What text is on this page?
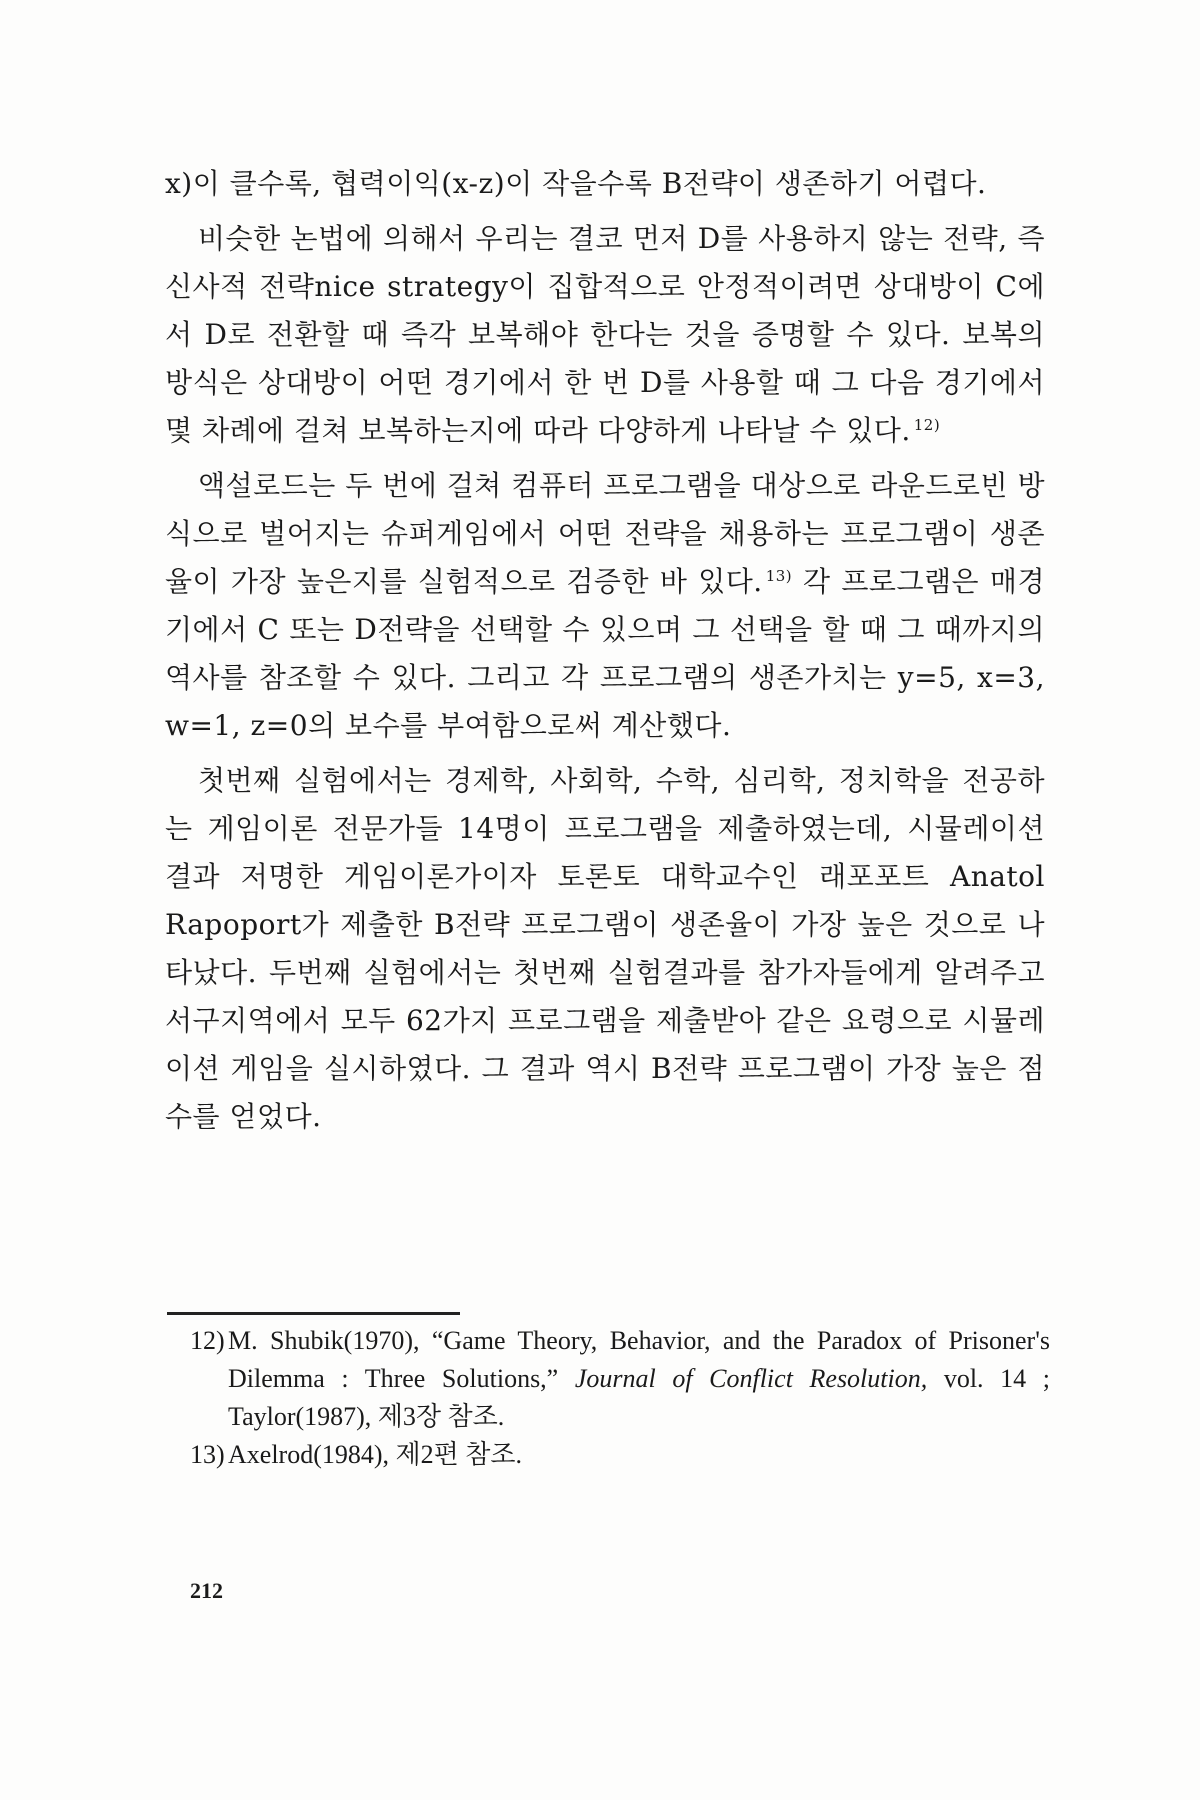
x)이 클수록, 협력이익(x-z)이 작을수록 B전략이 생존하기 어렵다.

비슷한 논법에 의해서 우리는 결코 먼저 D를 사용하지 않는 전략, 즉 신사적 전략nice strategy이 집합적으로 안정적이려면 상대방이 C에서 D로 전환할 때 즉각 보복해야 한다는 것을 증명할 수 있다. 보복의 방식은 상대방이 어떤 경기에서 한 번 D를 사용할 때 그 다음 경기에서 몇 차례에 걸쳐 보복하는지에 따라 다양하게 나타날 수 있다. $^{12)}$

액설로드는 두 번에 걸쳐 컴퓨터 프로그램을 대상으로 라운드로빈 방식으로 벌어지는 슈퍼게임에서 어떤 전략을 채용하는 프로그램이 생존율이 가장 높은지를 실험적으로 검증한 바 있다. $^{13)}$ 각 프로그램은 매경기에서 C 또는 D전략을 선택할 수 있으며 그 선택을 할 때 그 때까지의 역사를 참조할 수 있다. 그리고 각 프로그램의 생존가치는 y=5, x=3, w=1, z=0의 보수를 부여함으로써 계산했다.

첫번째 실험에서는 경제학, 사회학, 수학, 심리학, 정치학을 전공하는 게임이론 전문가들 14명이 프로그램을 제출하였는데, 시뮬레이션 결과 저명한 게임이론가이자 토론토 대학교수인 래포포트 Anatol Rapoport가 제출한 B전략 프로그램이 생존율이 가장 높은 것으로 나타났다. 두번째 실험에서는 첫번째 실험결과를 참가자들에게 알려주고 서구지역에서 모두 62가지 프로그램을 제출받아 같은 요령으로 시뮬레이션 게임을 실시하였다. 그 결과 역시 B전략 프로그램이 가장 높은 점수를 얻었다.

12) M. Shubik(1970), “Game Theory, Behavior, and the Paradox of Prisoner's Dilemma : Three Solutions,” Journal of Conflict Resolution, vol. 14 ; Taylor(1987), 제3장 참조.
13) Axelrod(1984), 제2편 참조.
212
